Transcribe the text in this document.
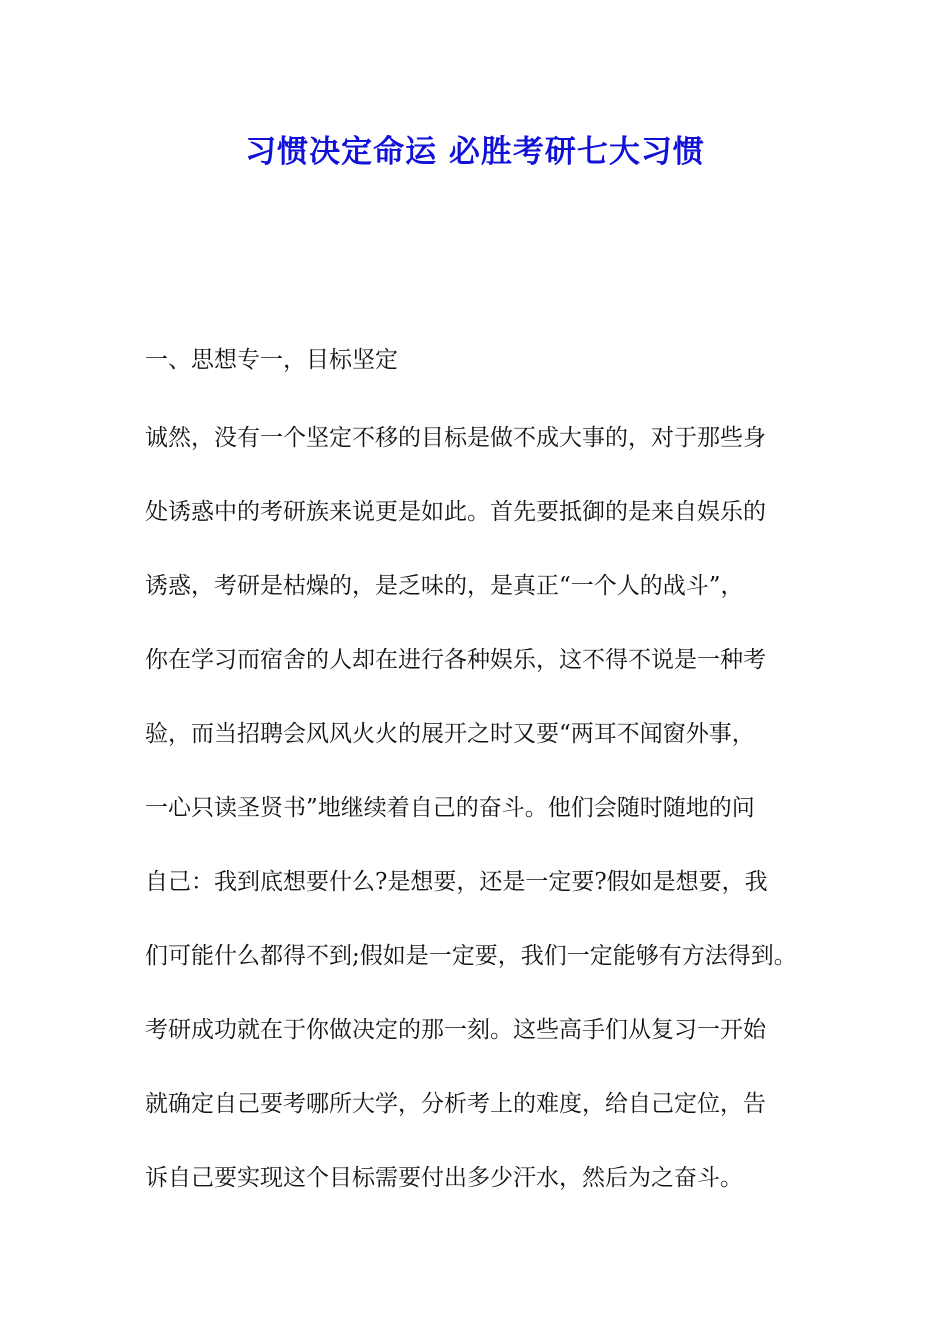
习惯决定命运 必胜考研七大习惯
一、思想专一，目标坚定
诚然，没有一个坚定不移的目标是做不成大事的，对于那些身
处诱惑中的考研族来说更是如此。首先要抵御的是来自娱乐的
诱惑，考研是枯燥的，是乏味的，是真正“一个人的战斗”，
你在学习而宿舍的人却在进行各种娱乐，这不得不说是一种考
验，而当招聘会风风火火的展开之时又要“两耳不闻窗外事，
一心只读圣贤书”地继续着自己的奋斗。他们会随时随地的问
自己：我到底想要什么?是想要，还是一定要?假如是想要，我
们可能什么都得不到;假如是一定要，我们一定能够有方法得到。
考研成功就在于你做决定的那一刻。这些高手们从复习一开始
就确定自己要考哪所大学，分析考上的难度，给自己定位，告
诉自己要实现这个目标需要付出多少汗水，然后为之奋斗。
